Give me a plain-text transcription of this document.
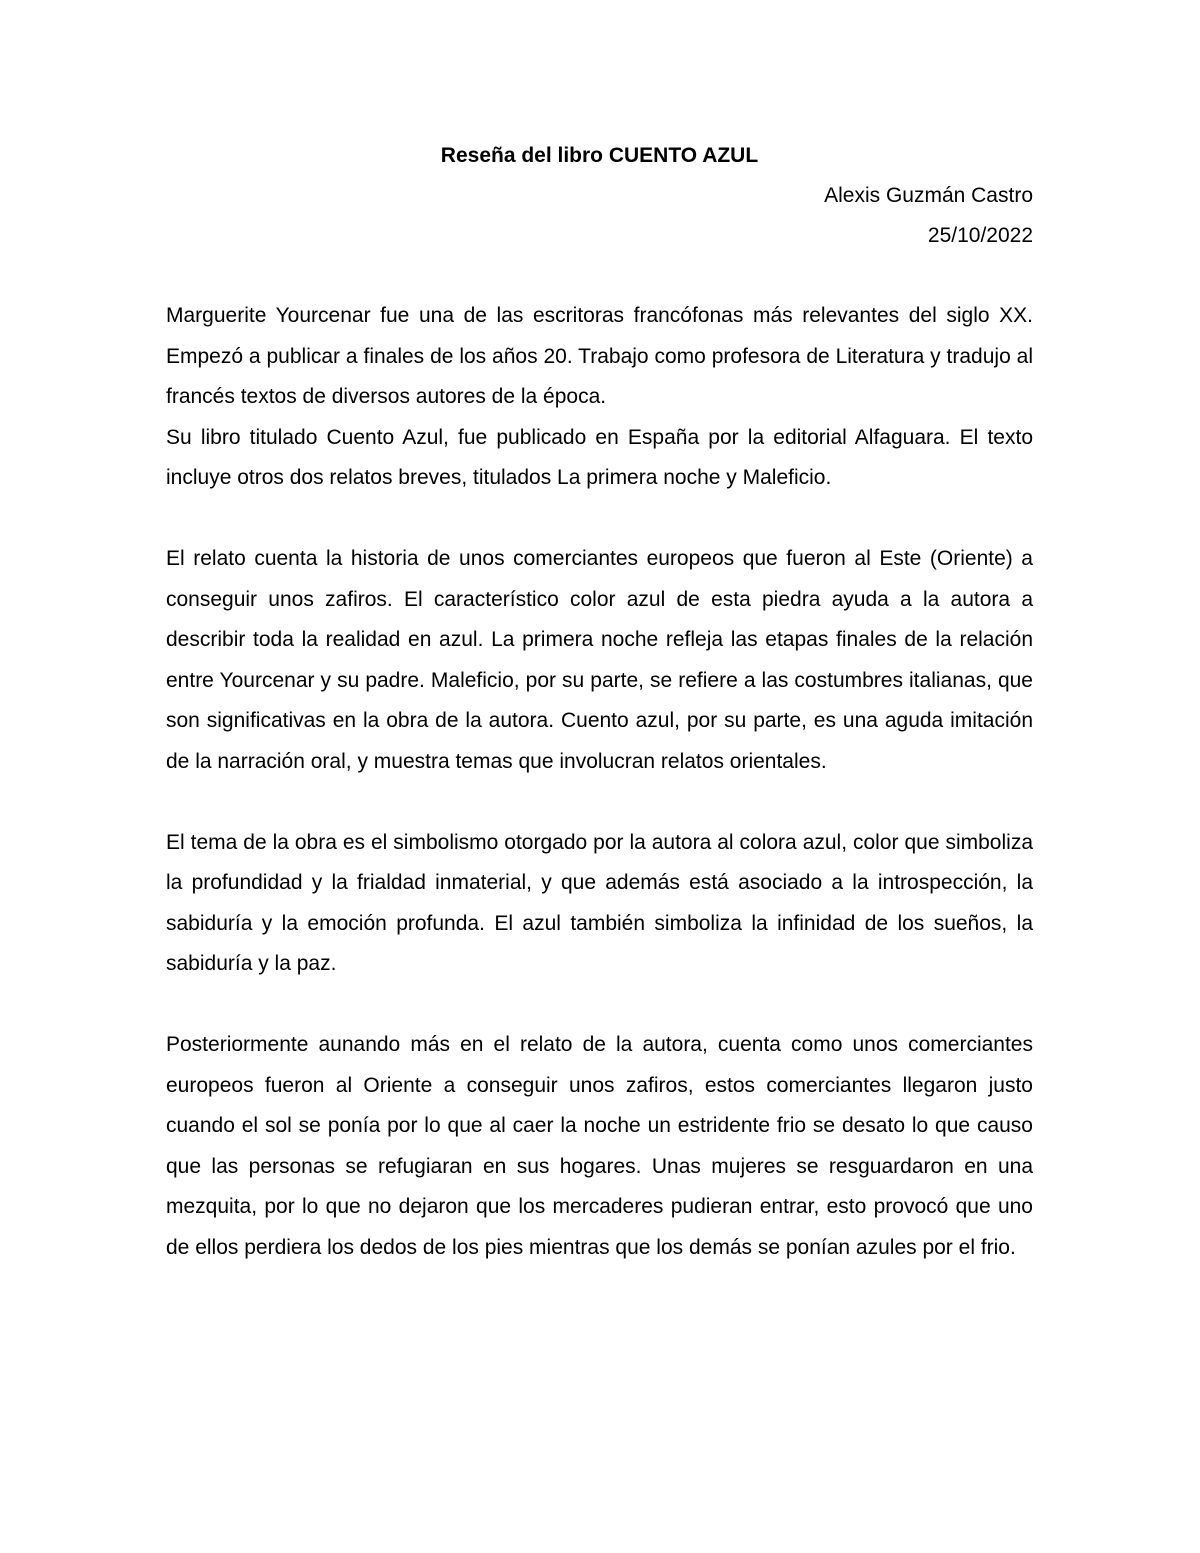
Reseña del libro CUENTO AZUL

Alexis Guzmán Castro

25/10/2022

Marguerite Yourcenar fue una de las escritoras francófonas más relevantes del siglo XX. Empezó a publicar a finales de los años 20. Trabajo como profesora de Literatura y tradujo al francés textos de diversos autores de la época.

Su libro titulado Cuento Azul, fue publicado en España por la editorial Alfaguara. El texto incluye otros dos relatos breves, titulados La primera noche y Maleficio.

El relato cuenta la historia de unos comerciantes europeos que fueron al Este (Oriente) a conseguir unos zafiros. El característico color azul de esta piedra ayuda a la autora a describir toda la realidad en azul. La primera noche refleja las etapas finales de la relación entre Yourcenar y su padre. Maleficio, por su parte, se refiere a las costumbres italianas, que son significativas en la obra de la autora. Cuento azul, por su parte, es una aguda imitación de la narración oral, y muestra temas que involucran relatos orientales.

El tema de la obra es el simbolismo otorgado por la autora al colora azul, color que simboliza la profundidad y la frialdad inmaterial, y que además está asociado a la introspección, la sabiduría y la emoción profunda. El azul también simboliza la infinidad de los sueños, la sabiduría y la paz.

Posteriormente aunando más en el relato de la autora, cuenta como unos comerciantes europeos fueron al Oriente a conseguir unos zafiros, estos comerciantes llegaron justo cuando el sol se ponía por lo que al caer la noche un estridente frio se desato lo que causo que las personas se refugiaran en sus hogares. Unas mujeres se resguardaron en una mezquita, por lo que no dejaron que los mercaderes pudieran entrar, esto provocó que uno de ellos perdiera los dedos de los pies mientras que los demás se ponían azules por el frio.
